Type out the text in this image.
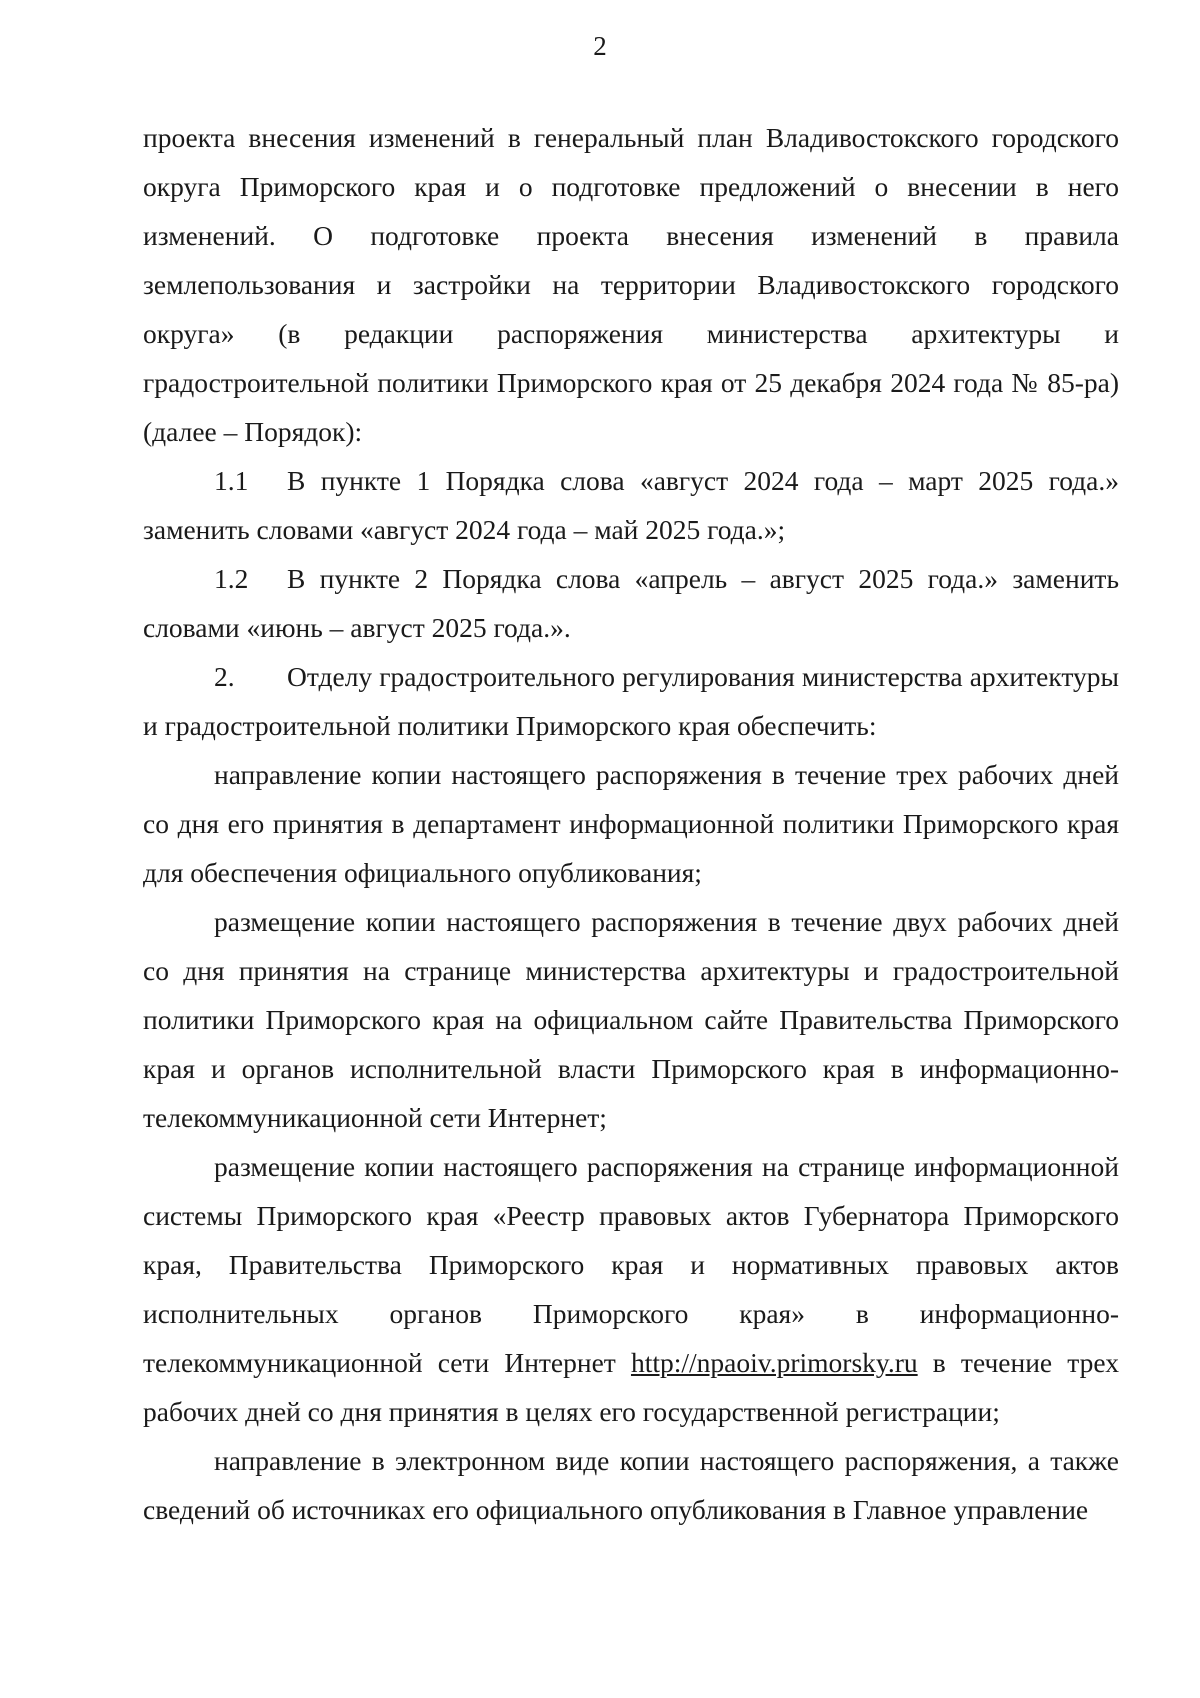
2

проекта внесения изменений в генеральный план Владивостокского городского округа Приморского края и о подготовке предложений о внесении в него изменений. О подготовке проекта внесения изменений в правила землепользования и застройки на территории Владивостокского городского округа» (в редакции распоряжения министерства архитектуры и градостроительной политики Приморского края от 25 декабря 2024 года № 85-ра) (далее – Порядок):

1.1 В пункте 1 Порядка слова «август 2024 года – март 2025 года.» заменить словами «август 2024 года – май 2025 года.»;

1.2 В пункте 2 Порядка слова «апрель – август 2025 года.» заменить словами «июнь – август 2025 года.».

2. Отделу градостроительного регулирования министерства архитектуры и градостроительной политики Приморского края обеспечить:

направление копии настоящего распоряжения в течение трех рабочих дней со дня его принятия в департамент информационной политики Приморского края для обеспечения официального опубликования;

размещение копии настоящего распоряжения в течение двух рабочих дней со дня принятия на странице министерства архитектуры и градостроительной политики Приморского края на официальном сайте Правительства Приморского края и органов исполнительной власти Приморского края в информационно-телекоммуникационной сети Интернет;

размещение копии настоящего распоряжения на странице информационной системы Приморского края «Реестр правовых актов Губернатора Приморского края, Правительства Приморского края и нормативных правовых актов исполнительных органов Приморского края» в информационно-телекоммуникационной сети Интернет http://npaoiv.primorsky.ru в течение трех рабочих дней со дня принятия в целях его государственной регистрации;

направление в электронном виде копии настоящего распоряжения, а также сведений об источниках его официального опубликования в Главное управление
